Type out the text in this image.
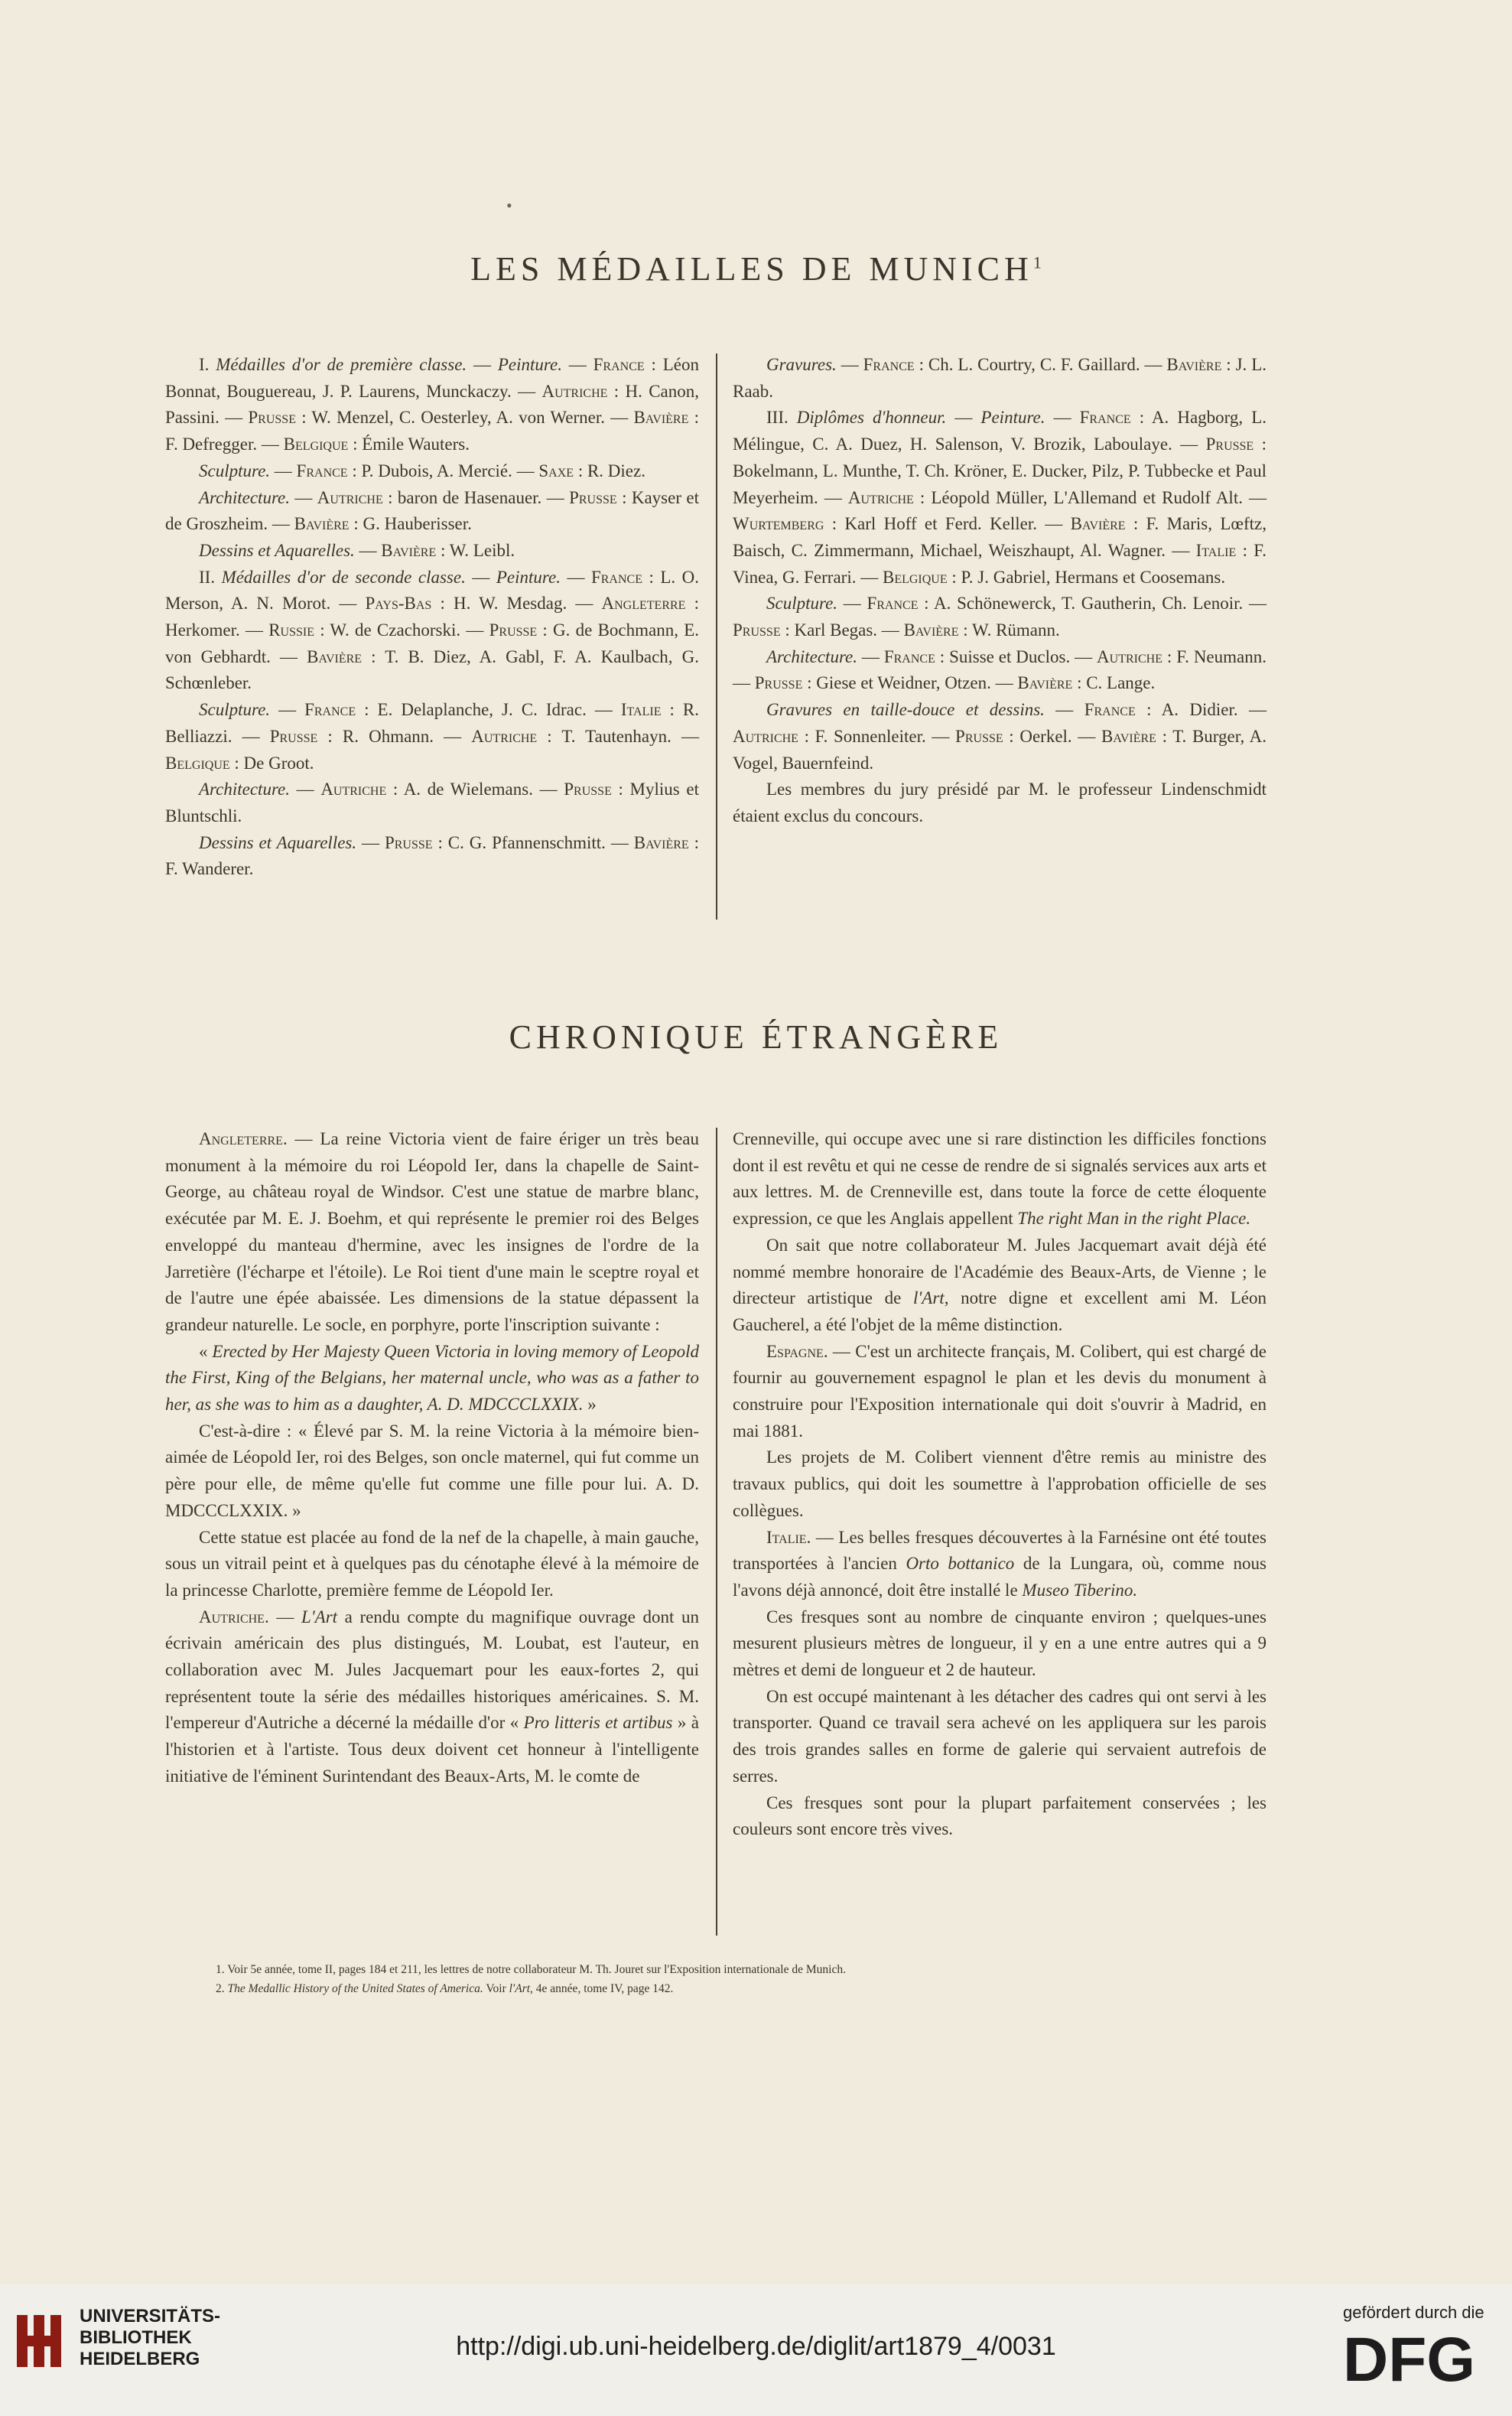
•
LES MÉDAILLES DE MUNICH$^1$

I. Médailles d'or de première classe. — Peinture. — France : Léon Bonnat, Bouguereau, J. P. Laurens, Munckaczy. — Autriche : H. Canon, Passini. — Prusse : W. Menzel, C. Oesterley, A. von Werner. — Bavière : F. Defregger. — Belgique : Émile Wauters.

Sculpture. — France : P. Dubois, A. Mercié. — Saxe : R. Diez.

Architecture. — Autriche : baron de Hasenauer. — Prusse : Kayser et de Groszheim. — Bavière : G. Hauberisser.

Dessins et Aquarelles. — Bavière : W. Leibl.

II. Médailles d'or de seconde classe. — Peinture. — France : L. O. Merson, A. N. Morot. — Pays-Bas : H. W. Mesdag. — Angleterre : Herkomer. — Russie : W. de Czachorski. — Prusse : G. de Bochmann, E. von Gebhardt. — Bavière : T. B. Diez, A. Gabl, F. A. Kaulbach, G. Schœnleber.

Sculpture. — France : E. Delaplanche, J. C. Idrac. — Italie : R. Belliazzi. — Prusse : R. Ohmann. — Autriche : T. Tautenhayn. — Belgique : De Groot.

Architecture. — Autriche : A. de Wielemans. — Prusse : Mylius et Bluntschli.

Dessins et Aquarelles. — Prusse : C. G. Pfannenschmitt. — Bavière : F. Wanderer.

Gravures. — France : Ch. L. Courtry, C. F. Gaillard. — Bavière : J. L. Raab.

III. Diplômes d'honneur. — Peinture. — France : A. Hagborg, L. Mélingue, C. A. Duez, H. Salenson, V. Brozik, Laboulaye. — Prusse : Bokelmann, L. Munthe, T. Ch. Kröner, E. Ducker, Pilz, P. Tubbecke et Paul Meyerheim. — Autriche : Léopold Müller, L'Allemand et Rudolf Alt. — Wurtemberg : Karl Hoff et Ferd. Keller. — Bavière : F. Maris, Lœftz, Baisch, C. Zimmermann, Michael, Weiszhaupt, Al. Wagner. — Italie : F. Vinea, G. Ferrari. — Belgique : P. J. Gabriel, Hermans et Coosemans.

Sculpture. — France : A. Schönewerck, T. Gautherin, Ch. Lenoir. — Prusse : Karl Begas. — Bavière : W. Rümann.

Architecture. — France : Suisse et Duclos. — Autriche : F. Neumann. — Prusse : Giese et Weidner, Otzen. — Bavière : C. Lange.

Gravures en taille-douce et dessins. — France : A. Didier. — Autriche : F. Sonnenleiter. — Prusse : Oerkel. — Bavière : T. Burger, A. Vogel, Bauernfeind.

Les membres du jury présidé par M. le professeur Lindenschmidt étaient exclus du concours.

CHRONIQUE ÉTRANGÈRE

Angleterre. — La reine Victoria vient de faire ériger un très beau monument à la mémoire du roi Léopold Ier, dans la chapelle de Saint-George, au château royal de Windsor. C'est une statue de marbre blanc, exécutée par M. E. J. Boehm, et qui représente le premier roi des Belges enveloppé du manteau d'hermine, avec les insignes de l'ordre de la Jarretière (l'écharpe et l'étoile). Le Roi tient d'une main le sceptre royal et de l'autre une épée abaissée. Les dimensions de la statue dépassent la grandeur naturelle. Le socle, en porphyre, porte l'inscription suivante :

« Erected by Her Majesty Queen Victoria in loving memory of Leopold the First, King of the Belgians, her maternal uncle, who was as a father to her, as she was to him as a daughter, A. D. MDCCCLXXIX. »

C'est-à-dire : « Élevé par S. M. la reine Victoria à la mémoire bien-aimée de Léopold Ier, roi des Belges, son oncle maternel, qui fut comme un père pour elle, de même qu'elle fut comme une fille pour lui. A. D. MDCCCLXXIX. »

Cette statue est placée au fond de la nef de la chapelle, à main gauche, sous un vitrail peint et à quelques pas du cénotaphe élevé à la mémoire de la princesse Charlotte, première femme de Léopold Ier.

Autriche. — L'Art a rendu compte du magnifique ouvrage dont un écrivain américain des plus distingués, M. Loubat, est l'auteur, en collaboration avec M. Jules Jacquemart pour les eaux-fortes 2, qui représentent toute la série des médailles historiques américaines. S. M. l'empereur d'Autriche a décerné la médaille d'or « Pro litteris et artibus » à l'historien et à l'artiste. Tous deux doivent cet honneur à l'intelligente initiative de l'éminent Surintendant des Beaux-Arts, M. le comte de

Crenneville, qui occupe avec une si rare distinction les difficiles fonctions dont il est revêtu et qui ne cesse de rendre de si signalés services aux arts et aux lettres. M. de Crenneville est, dans toute la force de cette éloquente expression, ce que les Anglais appellent The right Man in the right Place.

On sait que notre collaborateur M. Jules Jacquemart avait déjà été nommé membre honoraire de l'Académie des Beaux-Arts, de Vienne ; le directeur artistique de l'Art, notre digne et excellent ami M. Léon Gaucherel, a été l'objet de la même distinction.

Espagne. — C'est un architecte français, M. Colibert, qui est chargé de fournir au gouvernement espagnol le plan et les devis du monument à construire pour l'Exposition internationale qui doit s'ouvrir à Madrid, en mai 1881.

Les projets de M. Colibert viennent d'être remis au ministre des travaux publics, qui doit les soumettre à l'approbation officielle de ses collègues.

Italie. — Les belles fresques découvertes à la Farnésine ont été toutes transportées à l'ancien Orto bottanico de la Lungara, où, comme nous l'avons déjà annoncé, doit être installé le Museo Tiberino.

Ces fresques sont au nombre de cinquante environ ; quelques-unes mesurent plusieurs mètres de longueur, il y en a une entre autres qui a 9 mètres et demi de longueur et 2 de hauteur.

On est occupé maintenant à les détacher des cadres qui ont servi à les transporter. Quand ce travail sera achevé on les appliquera sur les parois des trois grandes salles en forme de galerie qui servaient autrefois de serres.

Ces fresques sont pour la plupart parfaitement conservées ; les couleurs sont encore très vives.

1. Voir 5e année, tome II, pages 184 et 211, les lettres de notre collaborateur M. Th. Jouret sur l'Exposition internationale de Munich.

2. The Medallic History of the United States of America. Voir l'Art, 4e année, tome IV, page 142.

UNIVERSITÄTS-
BIBLIOTHEK
HEIDELBERG	http://digi.ub.uni-heidelberg.de/diglit/art1879_4/0031
gefördert durch die
DFG
